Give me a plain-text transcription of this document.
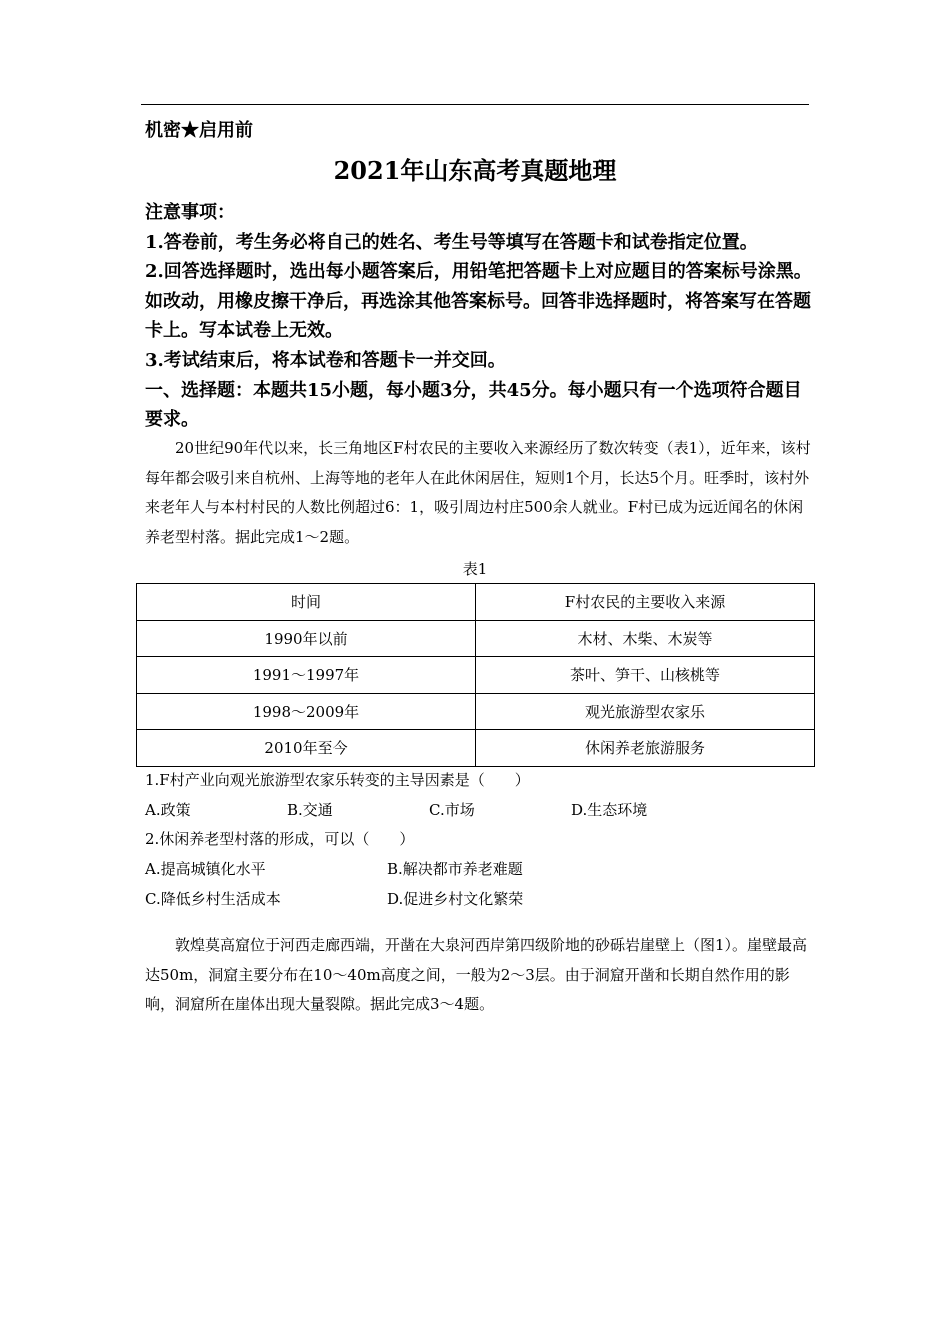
机密★启用前
2021年山东高考真题地理

注意事项：

1.答卷前，考生务必将自己的姓名、考生号等填写在答题卡和试卷指定位置。

2.回答选择题时，选出每小题答案后，用铅笔把答题卡上对应题目的答案标号涂黑。如改动，用橡皮擦干净后，再选涂其他答案标号。回答非选择题时，将答案写在答题卡上。写本试卷上无效。

3.考试结束后，将本试卷和答题卡一并交回。

一、选择题：本题共15小题，每小题3分，共45分。每小题只有一个选项符合题目要求。

20世纪90年代以来，长三角地区F村农民的主要收入来源经历了数次转变（表1），近年来，该村每年都会吸引来自杭州、上海等地的老年人在此休闲居住，短则1个月，长达5个月。旺季时，该村外来老年人与本村村民的人数比例超过6：1，吸引周边村庄500余人就业。F村已成为远近闻名的休闲养老型村落。据此完成1～2题。

表1
时间	F村农民的主要收入来源
1990年以前	木材、木柴、木炭等
1991～1997年	茶叶、笋干、山核桃等
1998～2009年	观光旅游型农家乐
2010年至今	休闲养老旅游服务

1.F村产业向观光旅游型农家乐转变的主导因素是（　　）

A.政策	B.交通	C.市场	D.生态环境

2.休闲养老型村落的形成，可以（　　）

A.提高城镇化水平	B.解决都市养老难题
C.降低乡村生活成本	D.促进乡村文化繁荣

敦煌莫高窟位于河西走廊西端，开凿在大泉河西岸第四级阶地的砂砾岩崖壁上（图1）。崖壁最高达50m，洞窟主要分布在10～40m高度之间，一般为2～3层。由于洞窟开凿和长期自然作用的影响，洞窟所在崖体出现大量裂隙。据此完成3～4题。
